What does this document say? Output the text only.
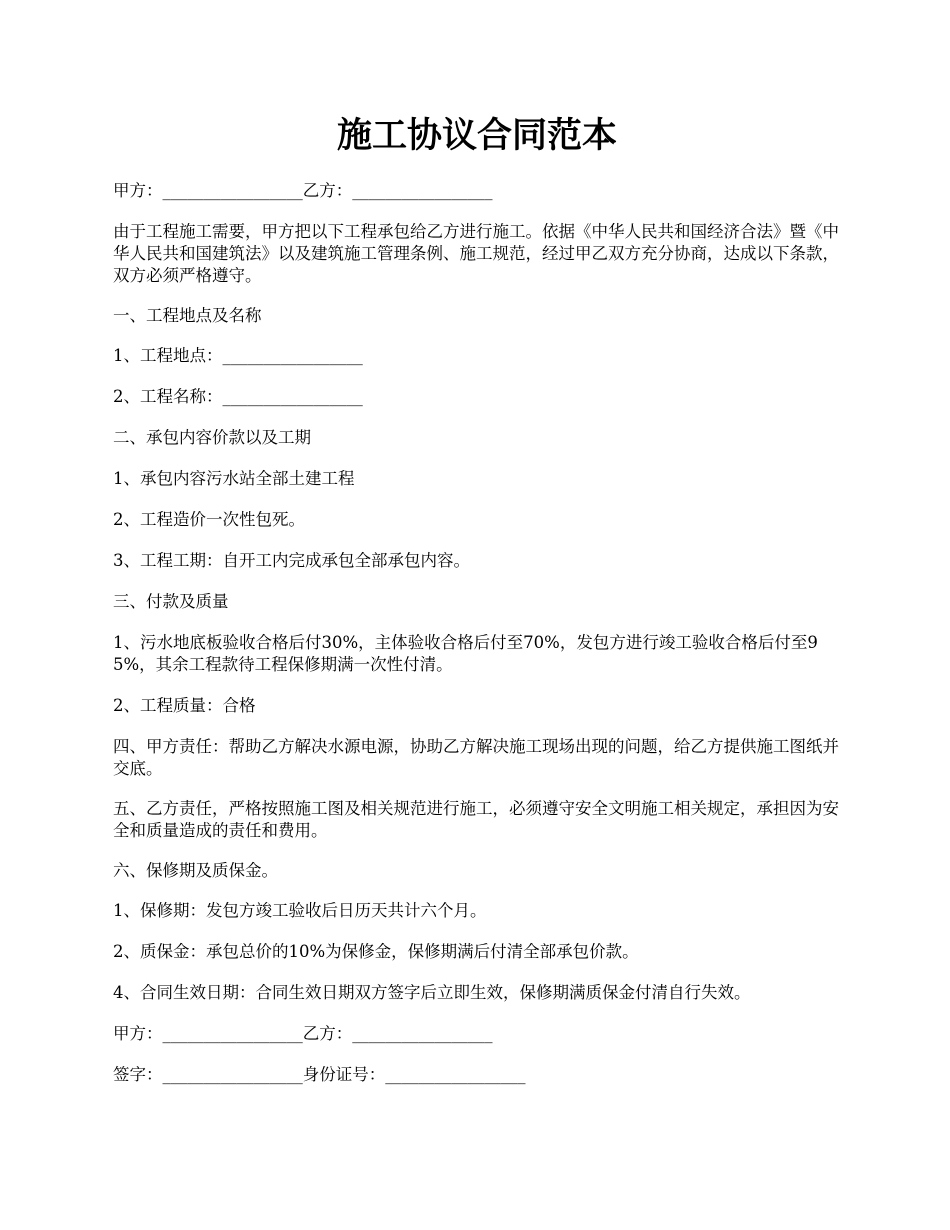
施工协议合同范本

甲方：_________________乙方：_________________

由于工程施工需要，甲方把以下工程承包给乙方进行施工。依据《中华人民共和国经济合法》暨《中华人民共和国建筑法》以及建筑施工管理条例、施工规范，经过甲乙双方充分协商，达成以下条款，双方必须严格遵守。

一、工程地点及名称

1、工程地点：_________________

2、工程名称：_________________

二、承包内容价款以及工期

1、承包内容污水站全部土建工程

2、工程造价一次性包死。

3、工程工期：自开工内完成承包全部承包内容。

三、付款及质量

1、污水地底板验收合格后付30%，主体验收合格后付至70%，发包方进行竣工验收合格后付至95%，其余工程款待工程保修期满一次性付清。

2、工程质量：合格

四、甲方责任：帮助乙方解决水源电源，协助乙方解决施工现场出现的问题，给乙方提供施工图纸并交底。

五、乙方责任，严格按照施工图及相关规范进行施工，必须遵守安全文明施工相关规定，承担因为安全和质量造成的责任和费用。

六、保修期及质保金。

1、保修期：发包方竣工验收后日历天共计六个月。

2、质保金：承包总价的10%为保修金，保修期满后付清全部承包价款。

4、合同生效日期：合同生效日期双方签字后立即生效，保修期满质保金付清自行失效。

甲方：_________________乙方：_________________

签字：_________________身份证号：_________________
